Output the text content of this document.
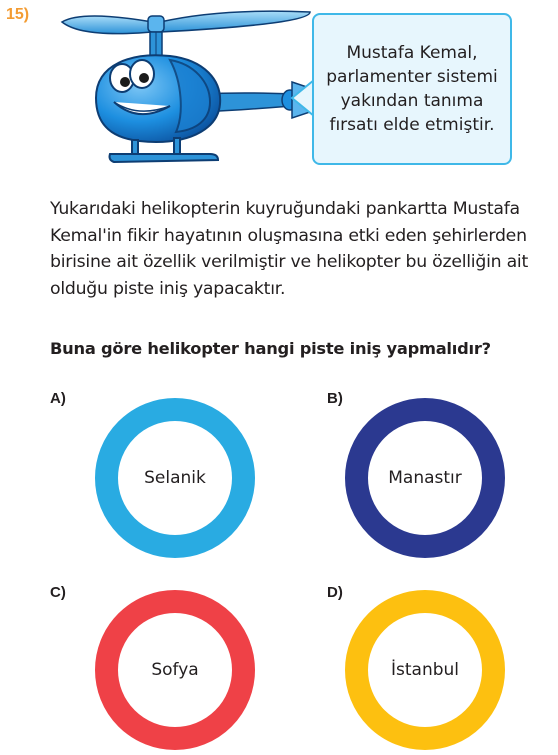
15)
Mustafa Kemal, parlamenter sistemi yakından tanıma fırsatı elde etmiştir.
Yukarıdaki helikopterin kuyruğundaki pankartta Mustafa Kemal'in fikir hayatının oluşmasına etki eden şehirlerden birisine ait özellik verilmiştir ve helikopter bu özelliğin ait olduğu piste iniş yapacaktır.
Buna göre helikopter hangi piste iniş yapmalıdır?
A)
Selanik
B)
Manastır
C)
Sofya
D)
İstanbul
